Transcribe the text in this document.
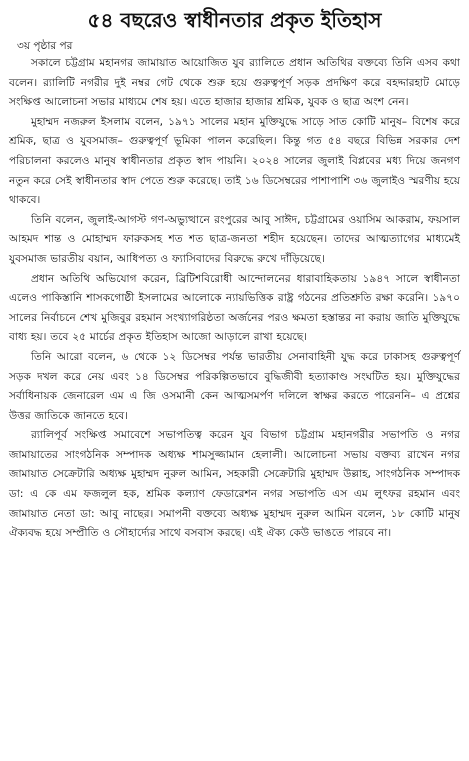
৫৪ বছরেও স্বাধীনতার প্রকৃত ইতিহাস
৩য় পৃষ্ঠার পর

সকালে চট্টগ্রাম মহানগর জামায়াত আয়োজিত যুব র‍্যালিতে প্রধান অতিথির বক্তব্যে তিনি এসব কথা বলেন। র‍্যালিটি নগরীর দুই নম্বর গেট থেকে শুরু হয়ে গুরুত্বপূর্ণ সড়ক প্রদক্ষিণ করে বহদ্দারহাট মোড়ে সংক্ষিপ্ত আলোচনা সভার মাধ্যমে শেষ হয়। এতে হাজার হাজার শ্রমিক, যুবক ও ছাত্র অংশ নেন।

মুহাম্মদ নজরুল ইসলাম বলেন, ১৯৭১ সালের মহান মুক্তিযুদ্ধে সাড়ে সাত কোটি মানুষ– বিশেষ করে শ্রমিক, ছাত্র ও যুবসমাজ– গুরুত্বপূর্ণ ভূমিকা পালন করেছিল। কিন্তু গত ৫৪ বছরে বিভিন্ন সরকার দেশ পরিচালনা করলেও মানুষ স্বাধীনতার প্রকৃত স্বাদ পায়নি। ২০২৪ সালের জুলাই বিপ্লবের মধ্য দিয়ে জনগণ নতুন করে সেই স্বাধীনতার স্বাদ পেতে শুরু করেছে। তাই ১৬ ডিসেম্বরের পাশাপাশি ৩৬ জুলাইও স্মরণীয় হয়ে থাকবে।

তিনি বলেন, জুলাই-আগস্ট গণ-অভ্যুত্থানে রংপুরের আবু সাঈদ, চট্টগ্রামের ওয়াসিম আকরাম, ফয়সাল আহমদ শান্ত ও মোহাম্মদ ফারুকসহ শত শত ছাত্র-জনতা শহীদ হয়েছেন। তাদের আত্মত্যাগের মাধ্যমেই যুবসমাজ ভারতীয় বয়ান, আধিপত্য ও ফ্যাসিবাদের বিরুদ্ধে রুখে দাঁড়িয়েছে।

প্রধান অতিথি অভিযোগ করেন, ব্রিটিশবিরোধী আন্দোলনের ধারাবাহিকতায় ১৯৪৭ সালে স্বাধীনতা এলেও পাকিস্তানি শাসকগোষ্ঠী ইসলামের আলোকে ন্যায়ভিত্তিক রাষ্ট্র গঠনের প্রতিশ্রুতি রক্ষা করেনি। ১৯৭০ সালের নির্বাচনে শেখ মুজিবুর রহমান সংখ্যাগরিষ্ঠতা অর্জনের পরও ক্ষমতা হস্তান্তর না করায় জাতি মুক্তিযুদ্ধে বাধ্য হয়। তবে ২৫ মার্চের প্রকৃত ইতিহাস আজো আড়ালে রাখা হয়েছে।

তিনি আরো বলেন, ৬ থেকে ১২ ডিসেম্বর পর্যন্ত ভারতীয় সেনাবাহিনী যুদ্ধ করে ঢাকাসহ গুরুত্বপূর্ণ সড়ক দখল করে নেয় এবং ১৪ ডিসেম্বর পরিকল্পিতভাবে বুদ্ধিজীবী হত্যাকাণ্ড সংঘটিত হয়। মুক্তিযুদ্ধের সর্বাধিনায়ক জেনারেল এম এ জি ওসমানী কেন আত্মসমর্পণ দলিলে স্বাক্ষর করতে পারেননি– এ প্রশ্নের উত্তর জাতিকে জানতে হবে।

র‍্যালিপূর্ব সংক্ষিপ্ত সমাবেশে সভাপতিত্ব করেন যুব বিভাগ চট্টগ্রাম মহানগরীর সভাপতি ও নগর জামায়াতের সাংগঠনিক সম্পাদক অধ্যক্ষ শামসুজ্জামান হেলালী। আলোচনা সভায় বক্তব্য রাখেন নগর জামায়াত সেক্রেটারি অধ্যক্ষ মুহাম্মদ নুরুল আমিন, সহকারী সেক্রেটারি মুহাম্মদ উল্লাহ, সাংগঠনিক সম্পাদক ডা: এ কে এম ফজলুল হক, শ্রমিক কল্যাণ ফেডারেশন নগর সভাপতি এস এম লুৎফর রহমান এবং জামায়াত নেতা ডা: আবু নাছের। সমাপনী বক্তব্যে অধ্যক্ষ মুহাম্মদ নুরুল আমিন বলেন, ১৮ কোটি মানুষ ঐক্যবদ্ধ হয়ে সম্প্রীতি ও সৌহার্দ্যের সাথে বসবাস করছে। এই ঐক্য কেউ ভাঙতে পারবে না।
